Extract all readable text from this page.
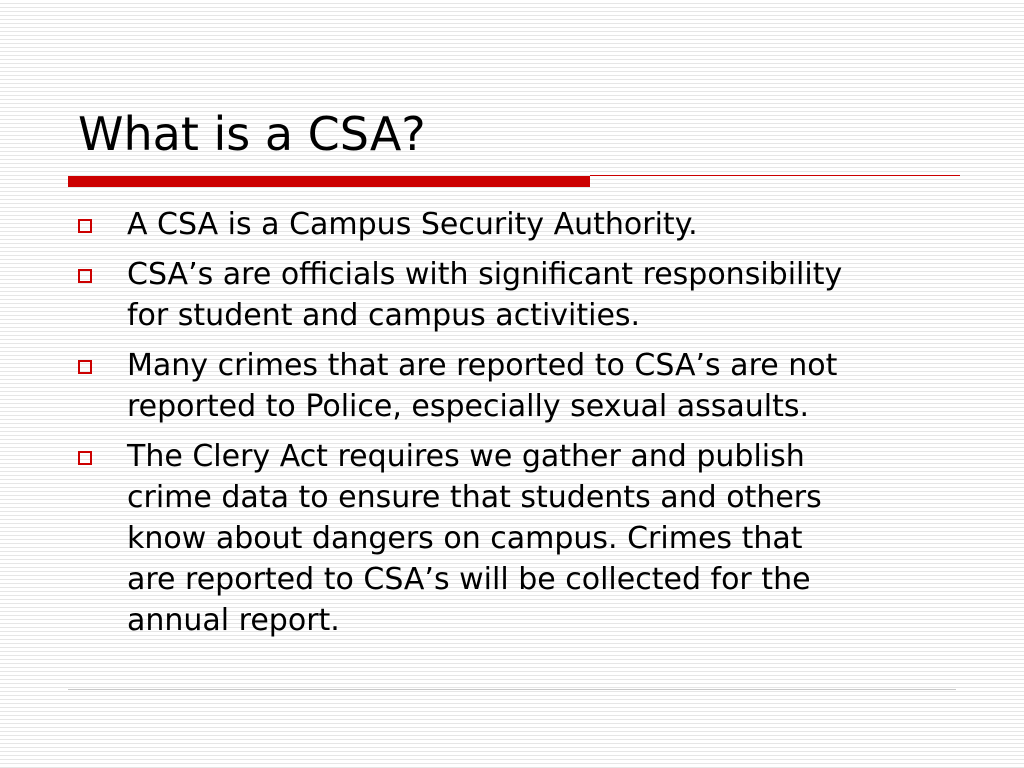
What is a CSA?
A CSA is a Campus Security Authority.
CSA’s are officials with significant responsibility
for student and campus activities.
Many crimes that are reported to CSA’s are not
reported to Police, especially sexual assaults.
The Clery Act requires we gather and publish
crime data to ensure that students and others
know about dangers on campus. Crimes that
are reported to CSA’s will be collected for the
annual report.
